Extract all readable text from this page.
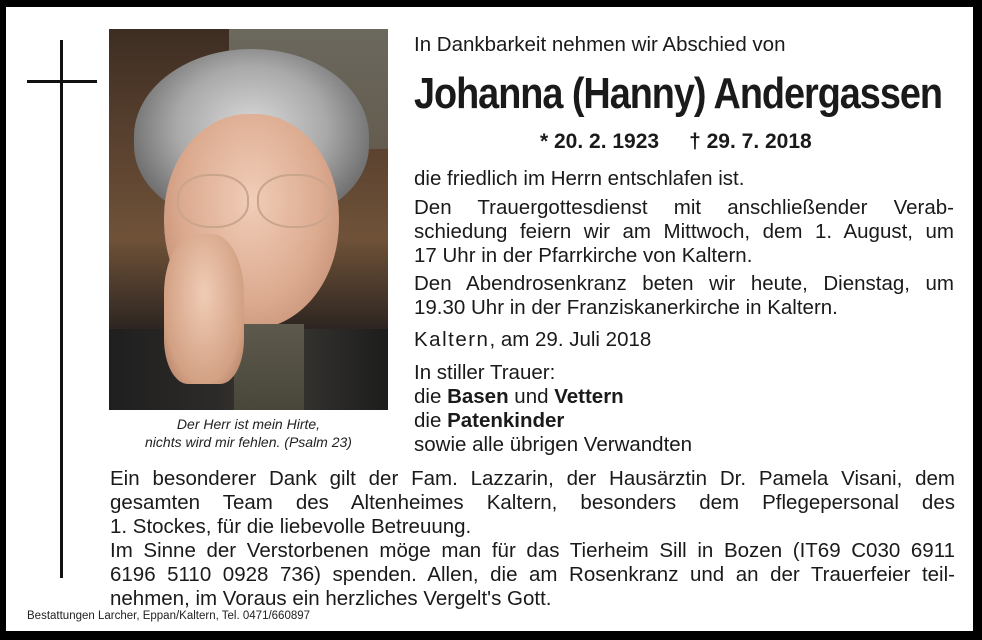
Der Herr ist mein Hirte,
nichts wird mir fehlen. (Psalm 23)
In Dankbarkeit nehmen wir Abschied von
Johanna (Hanny) Andergassen
* 20. 2. 1923 † 29. 7. 2018
die friedlich im Herrn entschlafen ist.
Den Trauergottesdienst mit anschließender Verab-
schiedung feiern wir am Mittwoch, dem 1. August, um
17 Uhr in der Pfarrkirche von Kaltern.
Den Abendrosenkranz beten wir heute, Dienstag, um
19.30 Uhr in der Franziskanerkirche in Kaltern.
Kaltern, am 29. Juli 2018
In stiller Trauer:
die Basen und Vettern
die Patenkinder
sowie alle übrigen Verwandten
Ein besonderer Dank gilt der Fam. Lazzarin, der Hausärztin Dr. Pamela Visani, dem
gesamten Team des Altenheimes Kaltern, besonders dem Pflegepersonal des
1. Stockes, für die liebevolle Betreuung.
Im Sinne der Verstorbenen möge man für das Tierheim Sill in Bozen (IT69 C030 6911
6196 5110 0928 736) spenden. Allen, die am Rosenkranz und an der Trauerfeier teil-
nehmen, im Voraus ein herzliches Vergelt's Gott.
Bestattungen Larcher, Eppan/Kaltern, Tel. 0471/660897
